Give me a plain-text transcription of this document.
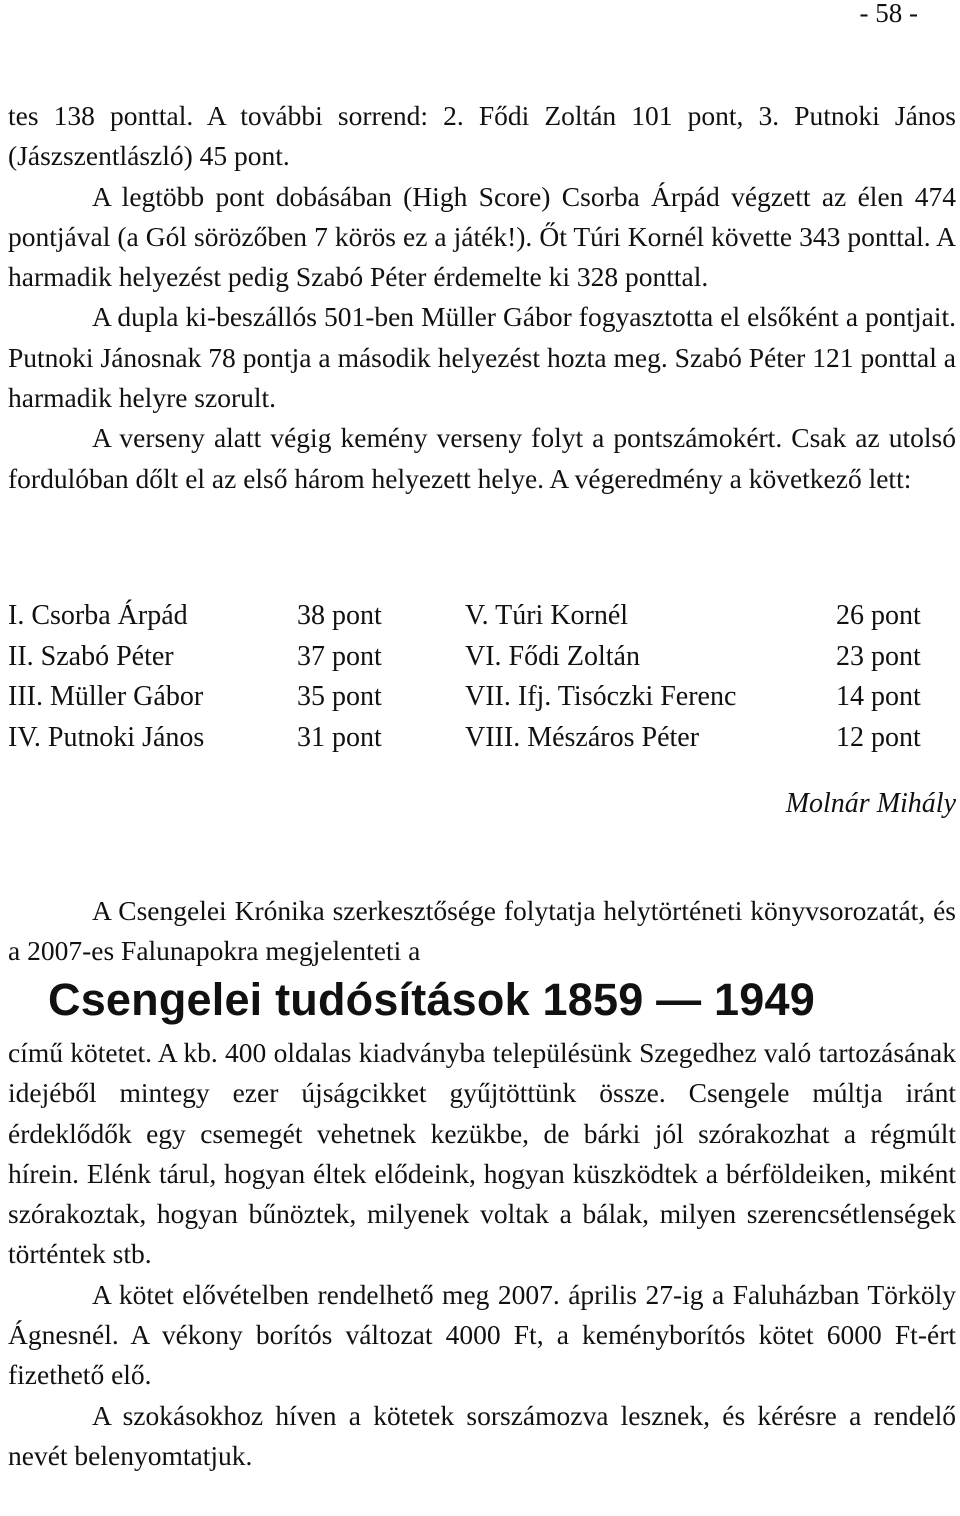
- 58 -

tes 138 ponttal. A további sorrend: 2. Fődi Zoltán 101 pont, 3. Putnoki János (Jászszentlászló) 45 pont.

A legtöbb pont dobásában (High Score) Csorba Árpád végzett az élen 474 pontjával (a Gól sörözőben 7 körös ez a játék!). Őt Túri Kornél követte 343 ponttal. A harmadik helyezést pedig Szabó Péter érdemelte ki 328 ponttal.

A dupla ki-beszállós 501-ben Müller Gábor fogyasztotta el elsőként a pontjait. Putnoki Jánosnak 78 pontja a második helyezést hozta meg. Szabó Péter 121 ponttal a harmadik helyre szorult.

A verseny alatt végig kemény verseny folyt a pontszámokért. Csak az utolsó fordulóban dőlt el az első három helyezett helye. A végeredmény a következő lett:

I. Csorba Árpád	38 pont	V. Túri Kornél	26 pont
II. Szabó Péter	37 pont	VI. Fődi Zoltán	23 pont
III. Müller Gábor	35 pont	VII. Ifj. Tisóczki Ferenc	14 pont
IV. Putnoki János	31 pont	VIII. Mészáros Péter	12 pont
Molnár Mihály

A Csengelei Krónika szerkesztősége folytatja helytörténeti könyvsorozatát, és a 2007-es Falunapokra megjelenteti a

Csengelei tudósítások 1859 — 1949

című kötetet. A kb. 400 oldalas kiadványba településünk Szegedhez való tartozásának idejéből mintegy ezer újságcikket gyűjtöttünk össze. Csengele múltja iránt érdeklődők egy csemegét vehetnek kezükbe, de bárki jól szórakozhat a régmúlt hírein. Elénk tárul, hogyan éltek elődeink, hogyan küszködtek a bérföldeiken, miként szórakoztak, hogyan bűnöztek, milyenek voltak a bálak, milyen szerencsétlenségek történtek stb.

A kötet elővételben rendelhető meg 2007. április 27-ig a Faluházban Törköly Ágnesnél. A vékony borítós változat 4000 Ft, a keményborítós kötet 6000 Ft-ért fizethető elő.

A szokásokhoz híven a kötetek sorszámozva lesznek, és kérésre a rendelő nevét belenyomtatjuk.
